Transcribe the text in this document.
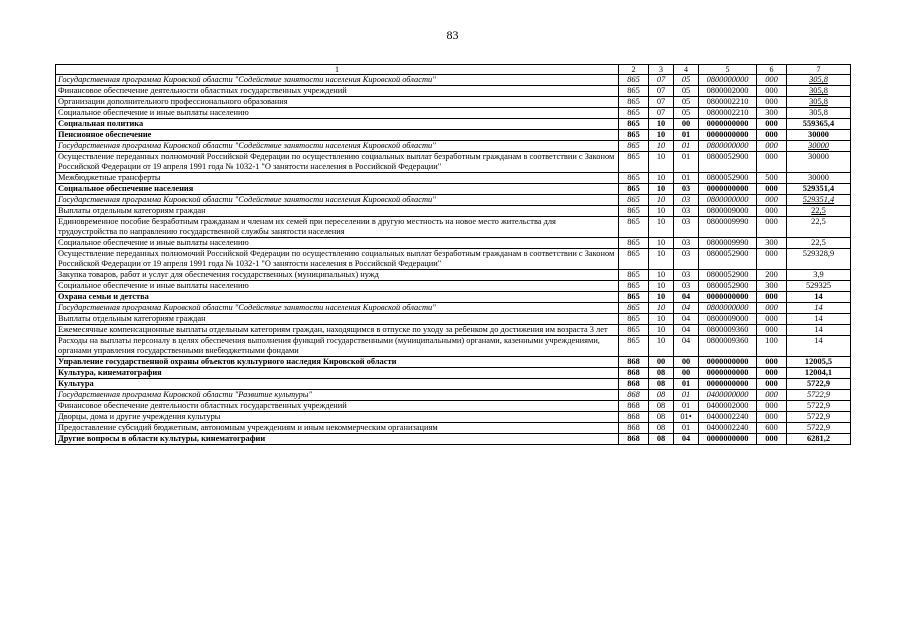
83
1	2	3	4	5	6	7
Государственная программа Кировской области "Содействие занятости населения Кировской области"	865	07	05	0800000000	000	305,8
Финансовое обеспечение деятельности областных государственных учреждений	865	07	05	0800002000	000	305,8
Организации дополнительного профессионального образования	865	07	05	0800002210	000	305,8
Социальное обеспечение и иные выплаты населению	865	07	05	0800002210	300	305,8
Социальная политика	865	10	00	0000000000	000	559365,4
Пенсионное обеспечение	865	10	01	0000000000	000	30000
Государственная программа Кировской области "Содействие занятости населения Кировской области"	865	10	01	0800000000	000	30000
Осуществление переданных полномочий Российской Федерации по осуществлению социальных выплат безработным гражданам в соответствии с Законом Российской Федерации от 19 апреля 1991 года № 1032-1 "О занятости населения в Российской Федерации"	865	10	01	0800052900	000	30000
Межбюджетные трансферты	865	10	01	0800052900	500	30000
Социальное обеспечение населения	865	10	03	0000000000	000	529351,4
Государственная программа Кировской области "Содействие занятости населения Кировской области"	865	10	03	0800000000	000	529351,4
Выплаты отдельным категориям граждан	865	10	03	0800009000	000	22,5
Единовременное пособие безработным гражданам и членам их семей при переселении в другую местность на новое место жительства для трудоустройства по направлению государственной службы занятости населения	865	10	03	0800009990	000	22,5
Социальное обеспечение и иные выплаты населению	865	10	03	0800009990	300	22,5
Осуществление переданных полномочий Российской Федерации по осуществлению социальных выплат безработным гражданам в соответствии с Законом Российской Федерации от 19 апреля 1991 года № 1032-1 "О занятости населения в Российской Федерации"	865	10	03	0800052900	000	529328,9
Закупка товаров, работ и услуг для обеспечения государственных (муниципальных) нужд	865	10	03	0800052900	200	3,9
Социальное обеспечение и иные выплаты населению	865	10	03	0800052900	300	529325
Охрана семьи и детства	865	10	04	0000000000	000	14
Государственная программа Кировской области "Содействие занятости населения Кировской области"	865	10	04	0800000000	000	14
Выплаты отдельным категориям граждан	865	10	04	0800009000	000	14
Ежемесячные компенсационные выплаты отдельным категориям граждан, находящимся в отпуске по уходу за ребенком до достижения им возраста 3 лет	865	10	04	0800009360	000	14
Расходы на выплаты персоналу в целях обеспечения выполнения функций государственными (муниципальными) органами, казенными учреждениями, органами управления государственными внебюджетными фондами	865	10	04	0800009360	100	14
Управление государственной охраны объектов культурного наследия Кировской области	868	00	00	0000000000	000	12005,5
Культура, кинематография	868	08	00	0000000000	000	12004,1
Культура	868	08	01	0000000000	000	5722,9
Государственная программа Кировской области "Развитие культуры"	868	08	01	0400000000	000	5722,9
Финансовое обеспечение деятельности областных государственных учреждений	868	08	01	0400002000	000	5722,9
Дворцы, дома и другие учреждения культуры	868	08	01•	0400002240	000	5722,9
Предоставление субсидий бюджетным, автономным учреждениям и иным некоммерческим организациям	868	08	01	0400002240	600	5722,9
Другие вопросы в области культуры, кинематографии	868	08	04	0000000000	000	6281,2
